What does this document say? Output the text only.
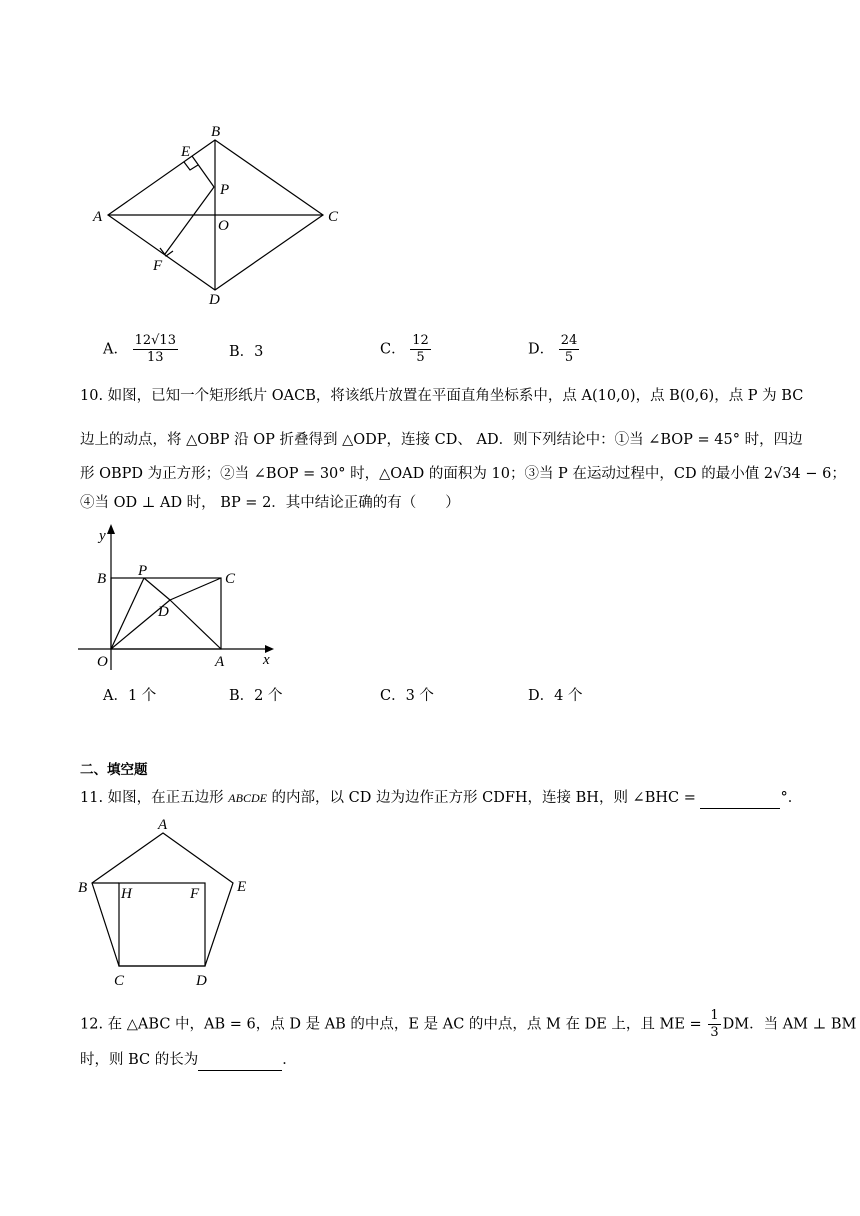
A
B
C
D
E
F
O
P
A． $\frac{12√13}{13}$	B．3	C． $\frac{12}{5}$	D． $\frac{24}{5}$
10. 如图，已知一个矩形纸片 OACB，将该纸片放置在平面直角坐标系中，点 A(10,0)，点 B(0,6)，点 P 为 BC
边上的动点，将 △OBP 沿 OP 折叠得到 △ODP，连接 CD、 AD．则下列结论中：①当 ∠BOP = 45° 时，四边
形 OBPD 为正方形；②当 ∠BOP = 30° 时，△OAD 的面积为 10；③当 P 在运动过程中，CD 的最小值 2√34 − 6；
④当 OD ⊥ AD 时， BP = 2．其中结论正确的有（　　）
y
x
B P	C
D
O	A
A．1 个	B．2 个	C．3 个	D．4 个
二、填空题
11. 如图，在正五边形 ABCDE 的内部，以 CD 边为边作正方形 CDFH，连接 BH，则 ∠BHC =	°．
A
B
C	D
E
F
H
12. 在 △ABC 中，AB = 6，点 D 是 AB 的中点，E 是 AC 的中点，点 M 在 DE 上，且 ME = $\frac{1}{3}$ DM．当 AM ⊥ BM
时，则 BC 的长为	．
